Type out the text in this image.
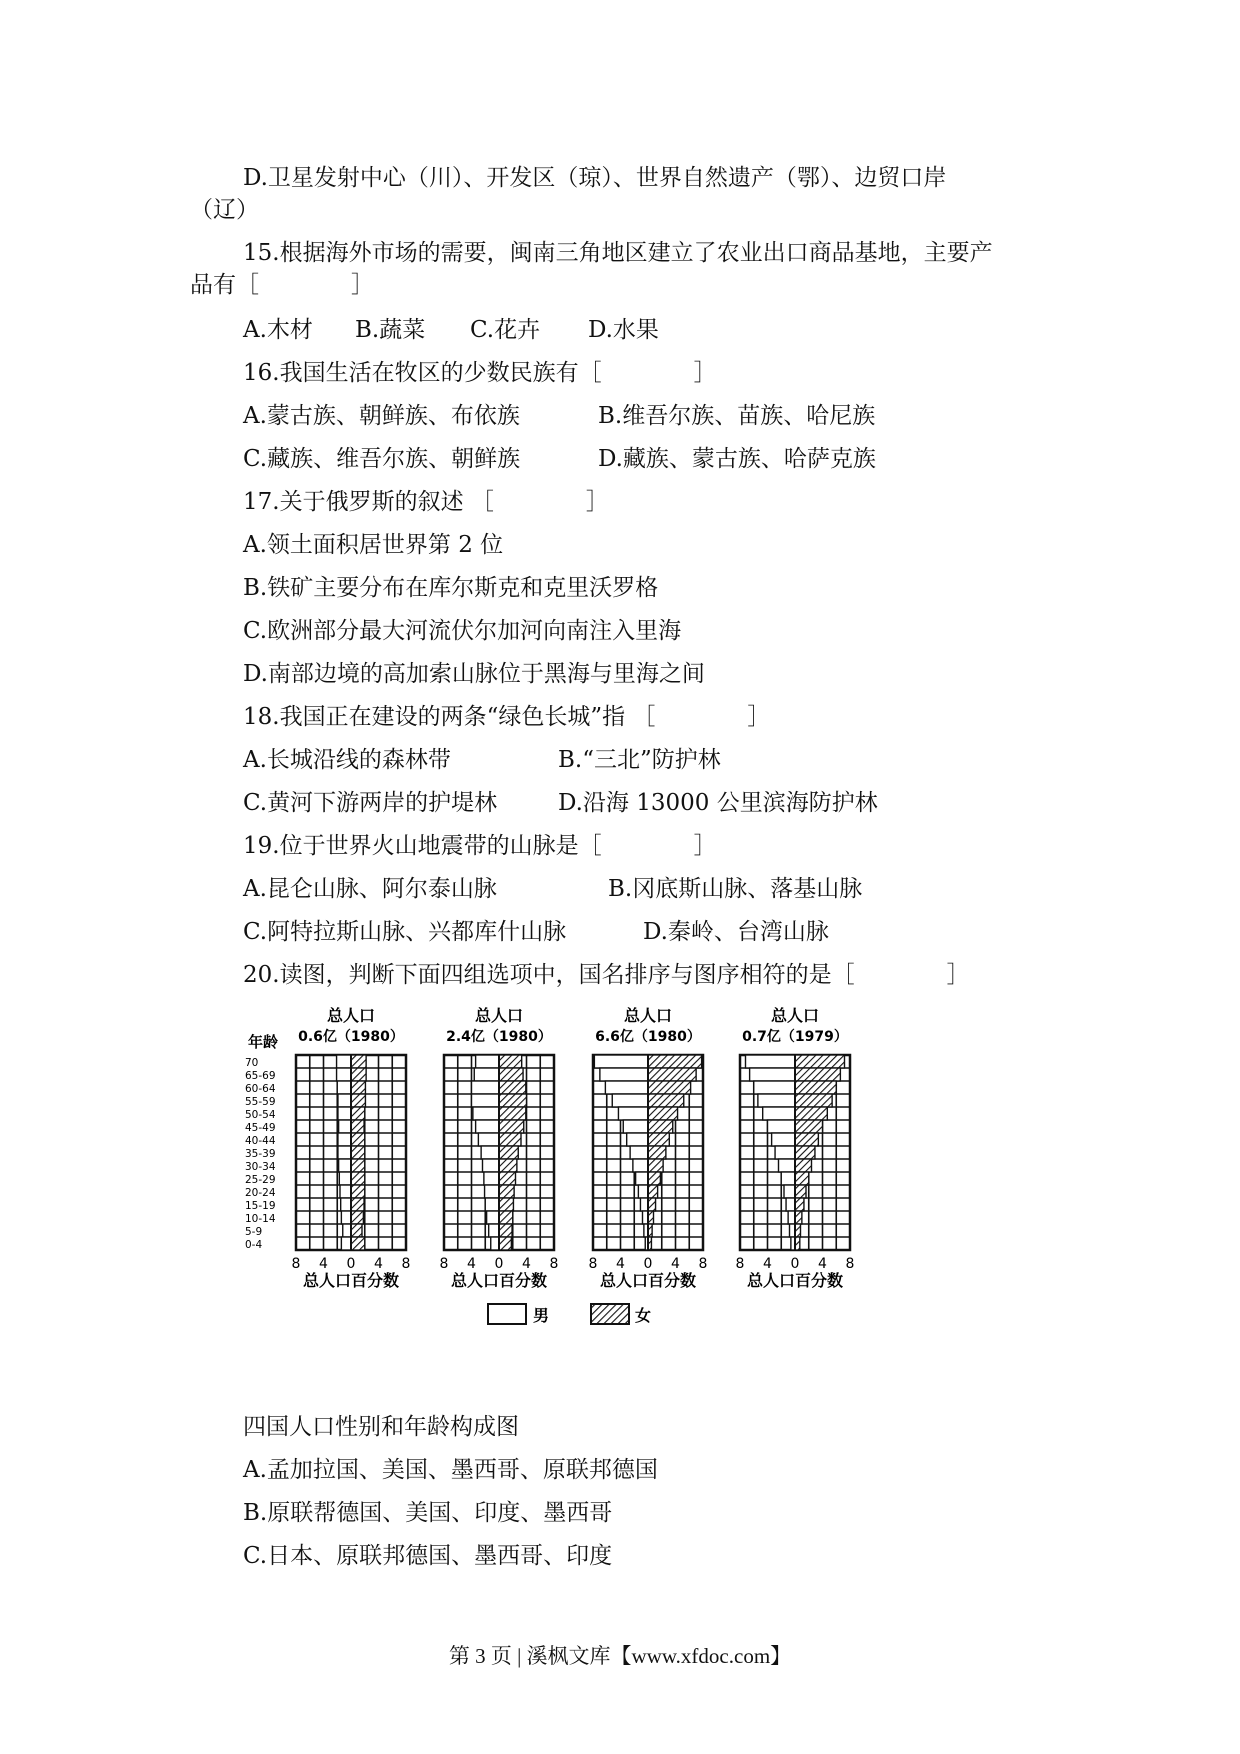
D.卫星发射中心（川）、开发区（琼）、世界自然遗产（鄂）、边贸口岸
（辽）
15.根据海外市场的需要，闽南三角地区建立了农业出口商品基地，主要产
品有［　　　　］
A.木材 B.蔬菜 C.花卉 D.水果
16.我国生活在牧区的少数民族有［　　　　］
A.蒙古族、朝鲜族、布依族	B.维吾尔族、苗族、哈尼族
C.藏族、维吾尔族、朝鲜族	D.藏族、蒙古族、哈萨克族
17.关于俄罗斯的叙述 ［　　　　］
A.领土面积居世界第 2 位
B.铁矿主要分布在库尔斯克和克里沃罗格
C.欧洲部分最大河流伏尔加河向南注入里海
D.南部边境的高加索山脉位于黑海与里海之间
18.我国正在建设的两条“绿色长城”指 ［　　　　］
A.长城沿线的森林带	B.“三北”防护林
C.黄河下游两岸的护堤林	D.沿海 13000 公里滨海防护林
19.位于世界火山地震带的山脉是［　　　　］
A.昆仑山脉、阿尔泰山脉	B.冈底斯山脉、落基山脉
C.阿特拉斯山脉、兴都库什山脉	D.秦岭、台湾山脉
20.读图，判断下面四组选项中，国名排序与图序相符的是［　　　　］
年龄
70
65-69
60-64
55-59
50-54
45-49
40-44
35-39
30-34
25-29
20-24
15-19
10-14
5-9
0-4
总人口
0.6亿（1980）
8 4 0 4 8
总人口百分数
总人口
2.4亿（1980）
8 4 0 4 8
总人口百分数
总人口
6.6亿（1980）
8 4 0 4 8
总人口百分数
总人口
0.7亿（1979）
8 4 0 4 8
总人口百分数
男	女
四国人口性别和年龄构成图
A.孟加拉国、美国、墨西哥、原联邦德国
B.原联帮德国、美国、印度、墨西哥
C.日本、原联邦德国、墨西哥、印度
第 3 页 | 溪枫文库【www.xfdoc.com】
